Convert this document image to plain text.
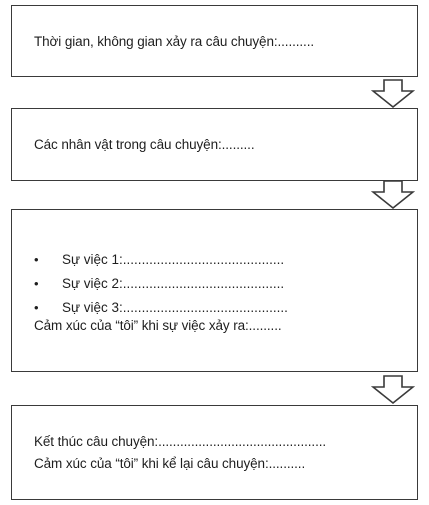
Thời gian, không gian xảy ra câu chuyện:..........
Các nhân vật trong câu chuyện:.........
• Sự việc 1:...........................................
• Sự việc 2:...........................................
• Sự việc 3:............................................
Cảm xúc của “tôi” khi sự việc xảy ra:.........
Kết thúc câu chuyện:..............................................
Cảm xúc của “tôi” khi kể lại câu chuyện:..........
